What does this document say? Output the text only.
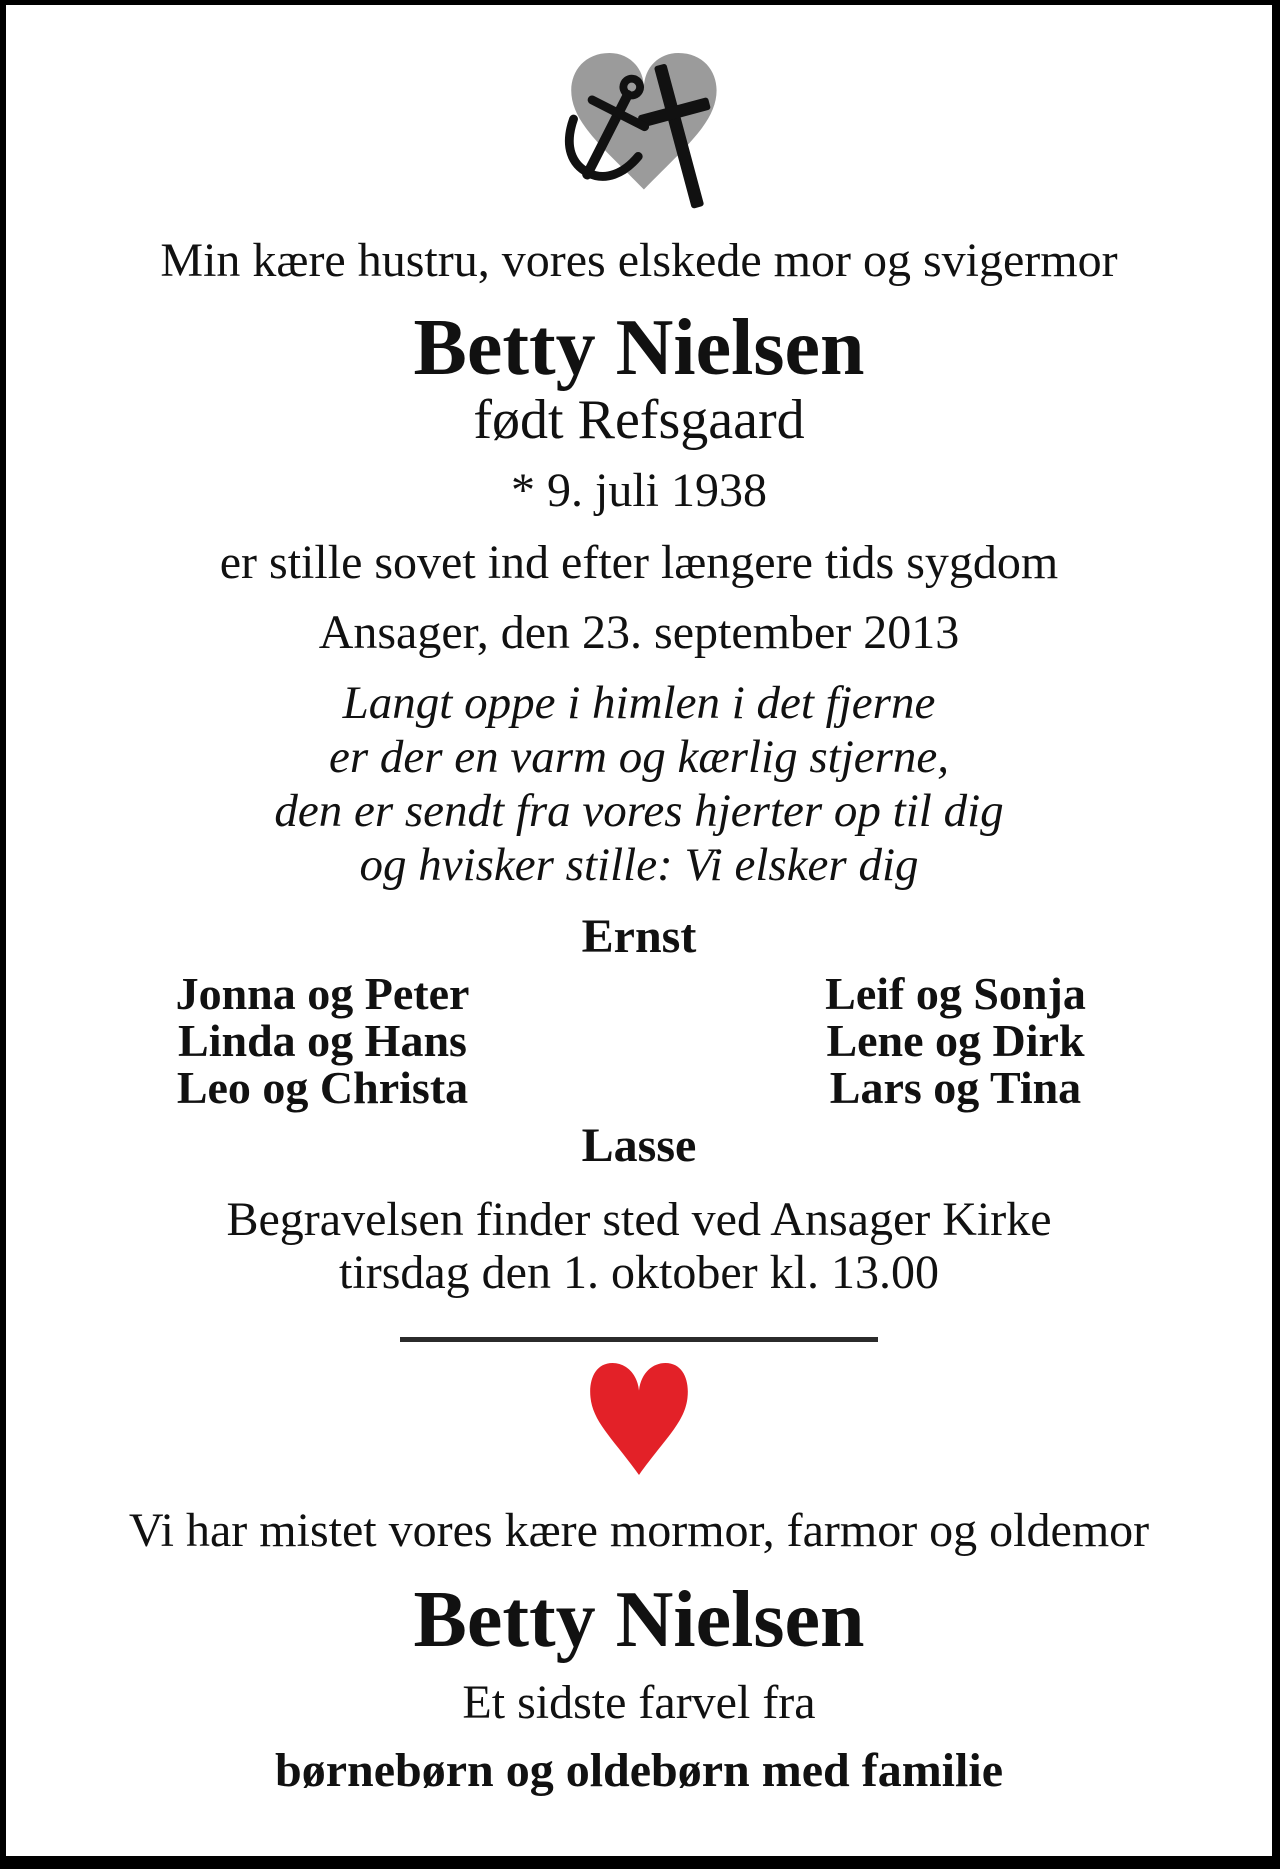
Min kære hustru, vores elskede mor og svigermor
Betty Nielsen
født Refsgaard
* 9. juli 1938
er stille sovet ind efter længere tids sygdom
Ansager, den 23. september 2013
Langt oppe i himlen i det fjerne
er der en varm og kærlig stjerne,
den er sendt fra vores hjerter op til dig
og hvisker stille: Vi elsker dig
Ernst
Jonna og Peter
Linda og Hans
Leo og Christa
Leif og Sonja
Lene og Dirk
Lars og Tina
Lasse
Begravelsen finder sted ved Ansager Kirke
tirsdag den 1. oktober kl. 13.00
Vi har mistet vores kære mormor, farmor og oldemor
Betty Nielsen
Et sidste farvel fra
børnebørn og oldebørn med familie
